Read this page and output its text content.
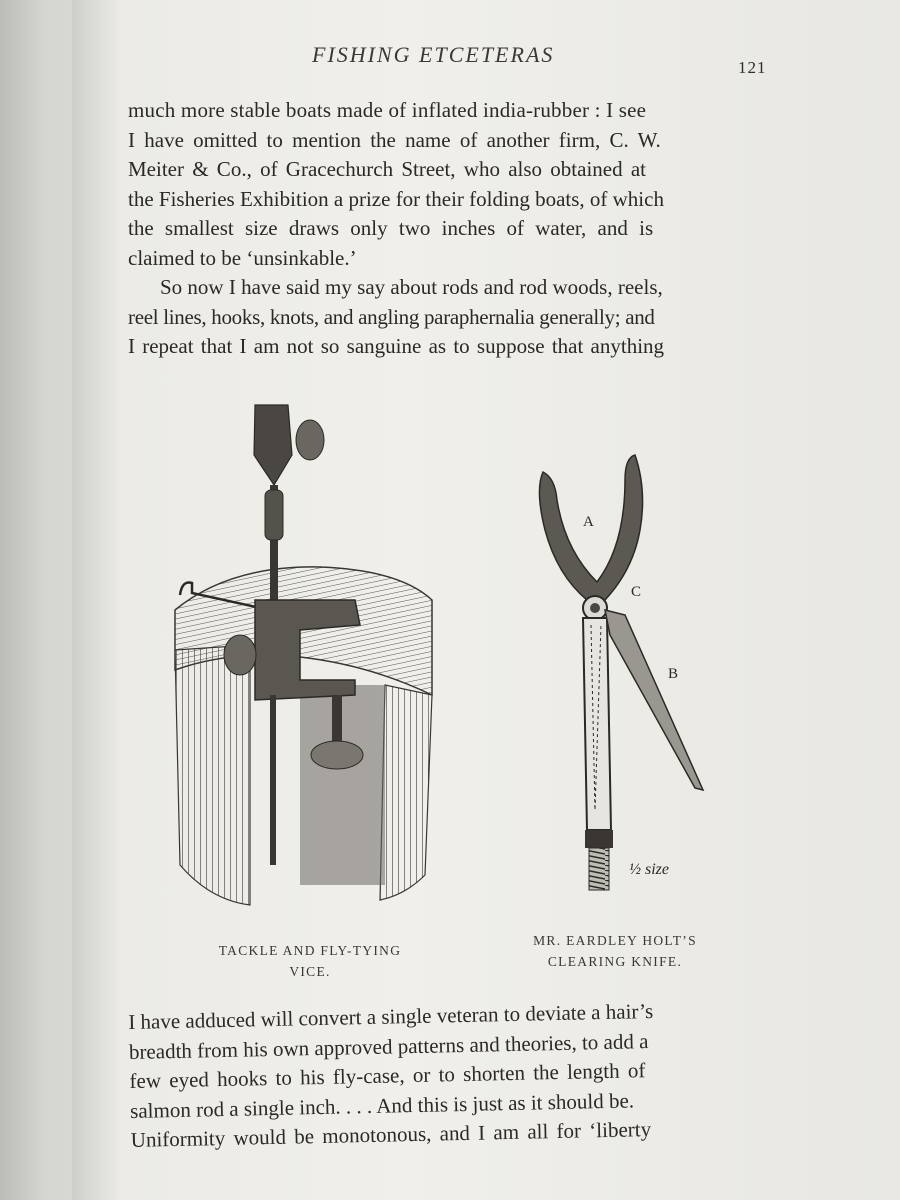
FISHING ETCETERAS
121
much more stable boats made of inflated india-rubber : I see
I have omitted to mention the name of another firm, C. W.
Meiter & Co., of Gracechurch Street, who also obtained at
the Fisheries Exhibition a prize for their folding boats, of which
the smallest size draws only two inches of water, and is
claimed to be ‘unsinkable.’
So now I have said my say about rods and rod woods, reels,
reel lines, hooks, knots, and angling paraphernalia generally; and
I repeat that I am not so sanguine as to suppose that anything
A
C
B
½ size
TACKLE AND FLY-TYING
VICE.
MR. EARDLEY HOLT’S
CLEARING KNIFE.
I have adduced will convert a single veteran to deviate a hair’s
breadth from his own approved patterns and theories, to add a
few eyed hooks to his fly-case, or to shorten the length of
salmon rod a single inch. . . . And this is just as it should be.
Uniformity would be monotonous, and I am all for ‘liberty
